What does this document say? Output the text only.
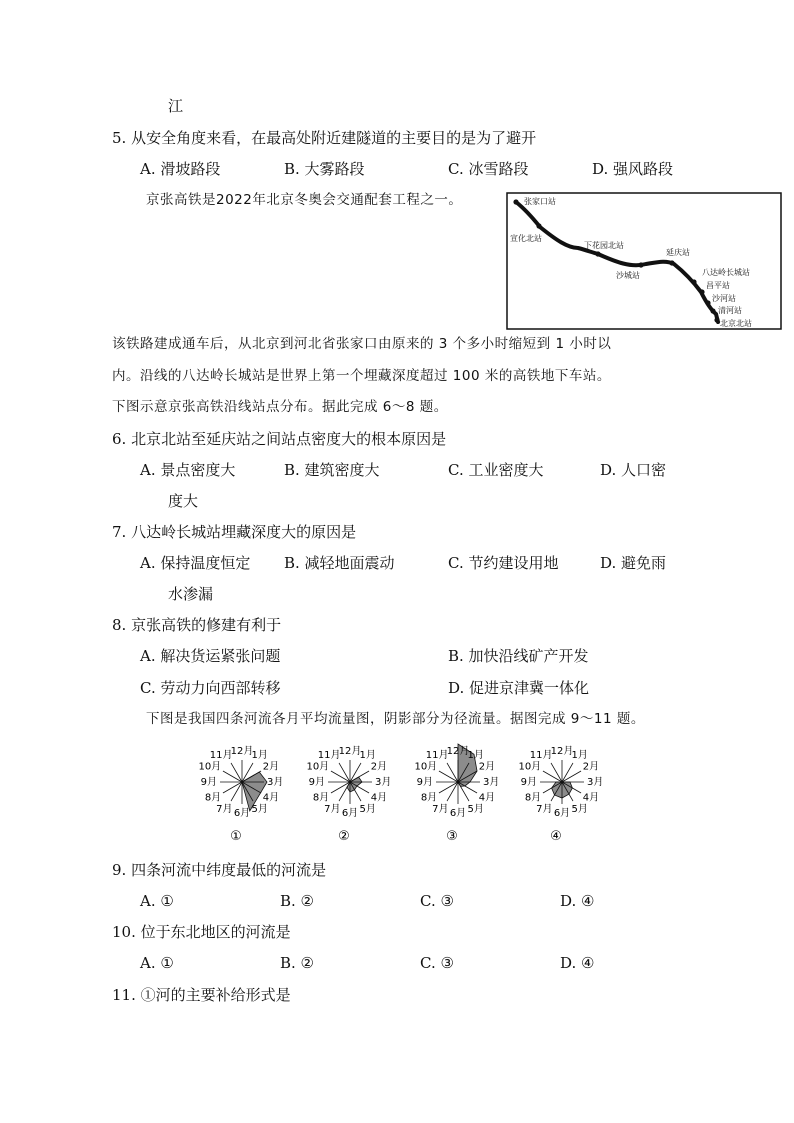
江
5. 从安全角度来看，在最高处附近建隧道的主要目的是为了避开
A. 滑坡路段	B. 大雾路段	C. 冰雪路段	D. 强风路段
京张高铁是2022年北京冬奥会交通配套工程之一。	张家口站
宣化北站
下花园北站
沙城站
延庆站
八达岭长城站
昌平站
沙河站
清河站
北京北站
该铁路建成通车后，从北京到河北省张家口由原来的 3 个多小时缩短到 1 小时以
内。沿线的八达岭长城站是世界上第一个埋藏深度超过 100 米的高铁地下车站。
下图示意京张高铁沿线站点分布。据此完成 6～8 题。
6. 北京北站至延庆站之间站点密度大的根本原因是
A. 景点密度大	B. 建筑密度大	C. 工业密度大	D. 人口密
度大
7. 八达岭长城站埋藏深度大的原因是
A. 保持温度恒定 B. 减轻地面震动	C. 节约建设用地	D. 避免雨
水渗漏
8. 京张高铁的修建有利于
A. 解决货运紧张问题	B. 加快沿线矿产开发
C. 劳动力向西部转移	D. 促进京津冀一体化
下图是我国四条河流各月平均流量图，阴影部分为径流量。据图完成 9～11 题。
1月
2月
3月
4月
5月
6月
7月
8月
9月
10月
11月
12月
①
1月
2月
3月
4月
5月
6月
7月
8月
9月
10月
11月
12月
②
1月
2月
3月
4月
5月
6月
7月
8月
9月
10月
11月
12月
③
1月
2月
3月
4月
5月
6月
7月
8月
9月
10月
11月
12月
④
9. 四条河流中纬度最低的河流是
A. ①	B. ②	C. ③	D. ④
10. 位于东北地区的河流是
A. ①	B. ②	C. ③	D. ④
11. ①河的主要补给形式是
